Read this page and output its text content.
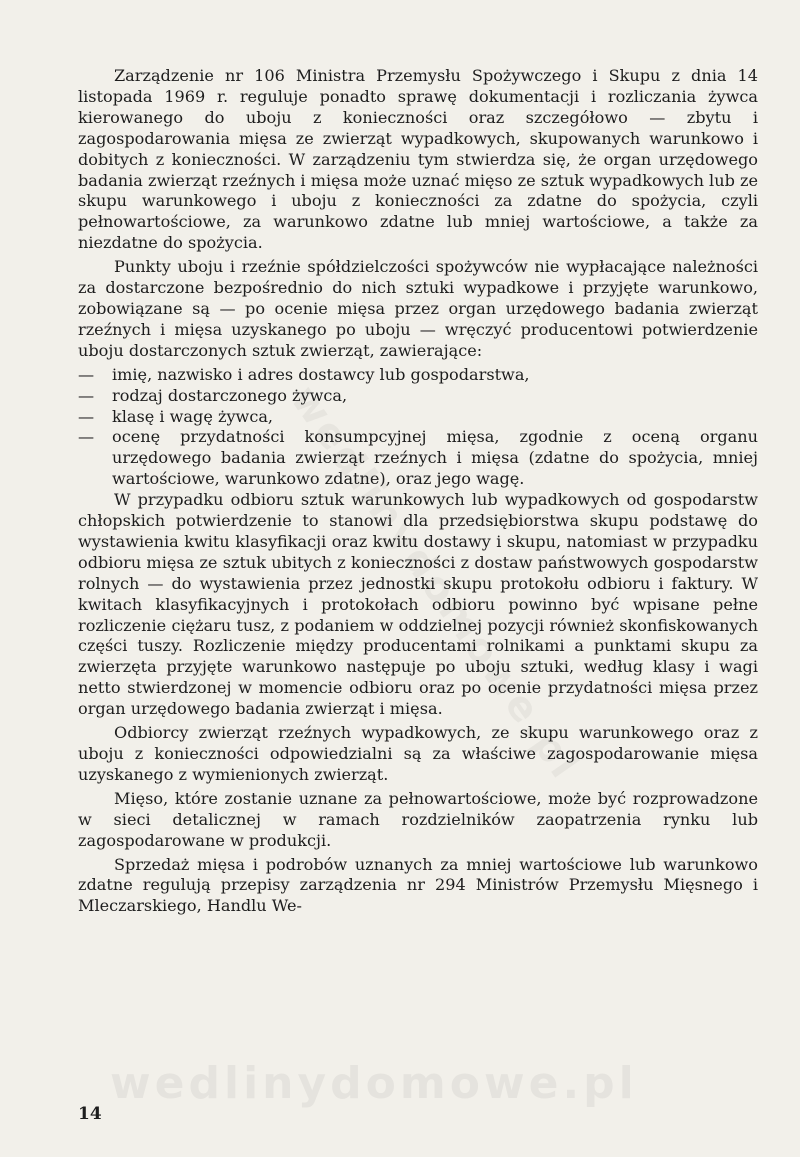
Zarządzenie nr 106 Ministra Przemysłu Spożywczego i Skupu z dnia 14 listopada 1969 r. reguluje ponadto sprawę dokumentacji i rozliczania żywca kierowanego do uboju z konieczności oraz szczegółowo — zbytu i zagospodarowania mięsa ze zwierząt wypadkowych, skupowanych warunkowo i dobitych z konieczności. W zarządzeniu tym stwierdza się, że organ urzędowego badania zwierząt rzeźnych i mięsa może uznać mięso ze sztuk wypadkowych lub ze skupu warunkowego i uboju z konieczności za zdatne do spożycia, czyli pełnowartościowe, za warunkowo zdatne lub mniej wartościowe, a także za niezdatne do spożycia.

Punkty uboju i rzeźnie spółdzielczości spożywców nie wypłacające należności za dostarczone bezpośrednio do nich sztuki wypadkowe i przyjęte warunkowo, zobowiązane są — po ocenie mięsa przez organ urzędowego badania zwierząt rzeźnych i mięsa uzyskanego po uboju — wręczyć producentowi potwierdzenie uboju dostarczonych sztuk zwierząt, zawierające:

— imię, nazwisko i adres dostawcy lub gospodarstwa,
— rodzaj dostarczonego żywca,
— klasę i wagę żywca,
— ocenę przydatności konsumpcyjnej mięsa, zgodnie z oceną organu urzędowego badania zwierząt rzeźnych i mięsa (zdatne do spożycia, mniej wartościowe, warunkowo zdatne), oraz jego wagę.

W przypadku odbioru sztuk warunkowych lub wypadkowych od gospodarstw chłopskich potwierdzenie to stanowi dla przedsiębiorstwa skupu podstawę do wystawienia kwitu klasyfikacji oraz kwitu dostawy i skupu, natomiast w przypadku odbioru mięsa ze sztuk ubitych z konieczności z dostaw państwowych gospodarstw rolnych — do wystawienia przez jednostki skupu protokołu odbioru i faktury. W kwitach klasyfikacyjnych i protokołach odbioru powinno być wpisane pełne rozliczenie ciężaru tusz, z podaniem w oddzielnej pozycji również skonfiskowanych części tuszy. Rozliczenie między producentami rolnikami a punktami skupu za zwierzęta przyjęte warunkowo następuje po uboju sztuki, według klasy i wagi netto stwierdzonej w momencie odbioru oraz po ocenie przydatności mięsa przez organ urzędowego badania zwierząt i mięsa.

Odbiorcy zwierząt rzeźnych wypadkowych, ze skupu warunkowego oraz z uboju z konieczności odpowiedzialni są za właściwe zagospodarowanie mięsa uzyskanego z wymienionych zwierząt.

Mięso, które zostanie uznane za pełnowartościowe, może być rozprowadzone w sieci detalicznej w ramach rozdzielników zaopatrzenia rynku lub zagospodarowane w produkcji.

Sprzedaż mięsa i podrobów uznanych za mniej wartościowe lub warunkowo zdatne regulują przepisy zarządzenia nr 294 Ministrów Przemysłu Mięsnego i Mleczarskiego, Handlu We-

wedlinydomowe.pl
14
